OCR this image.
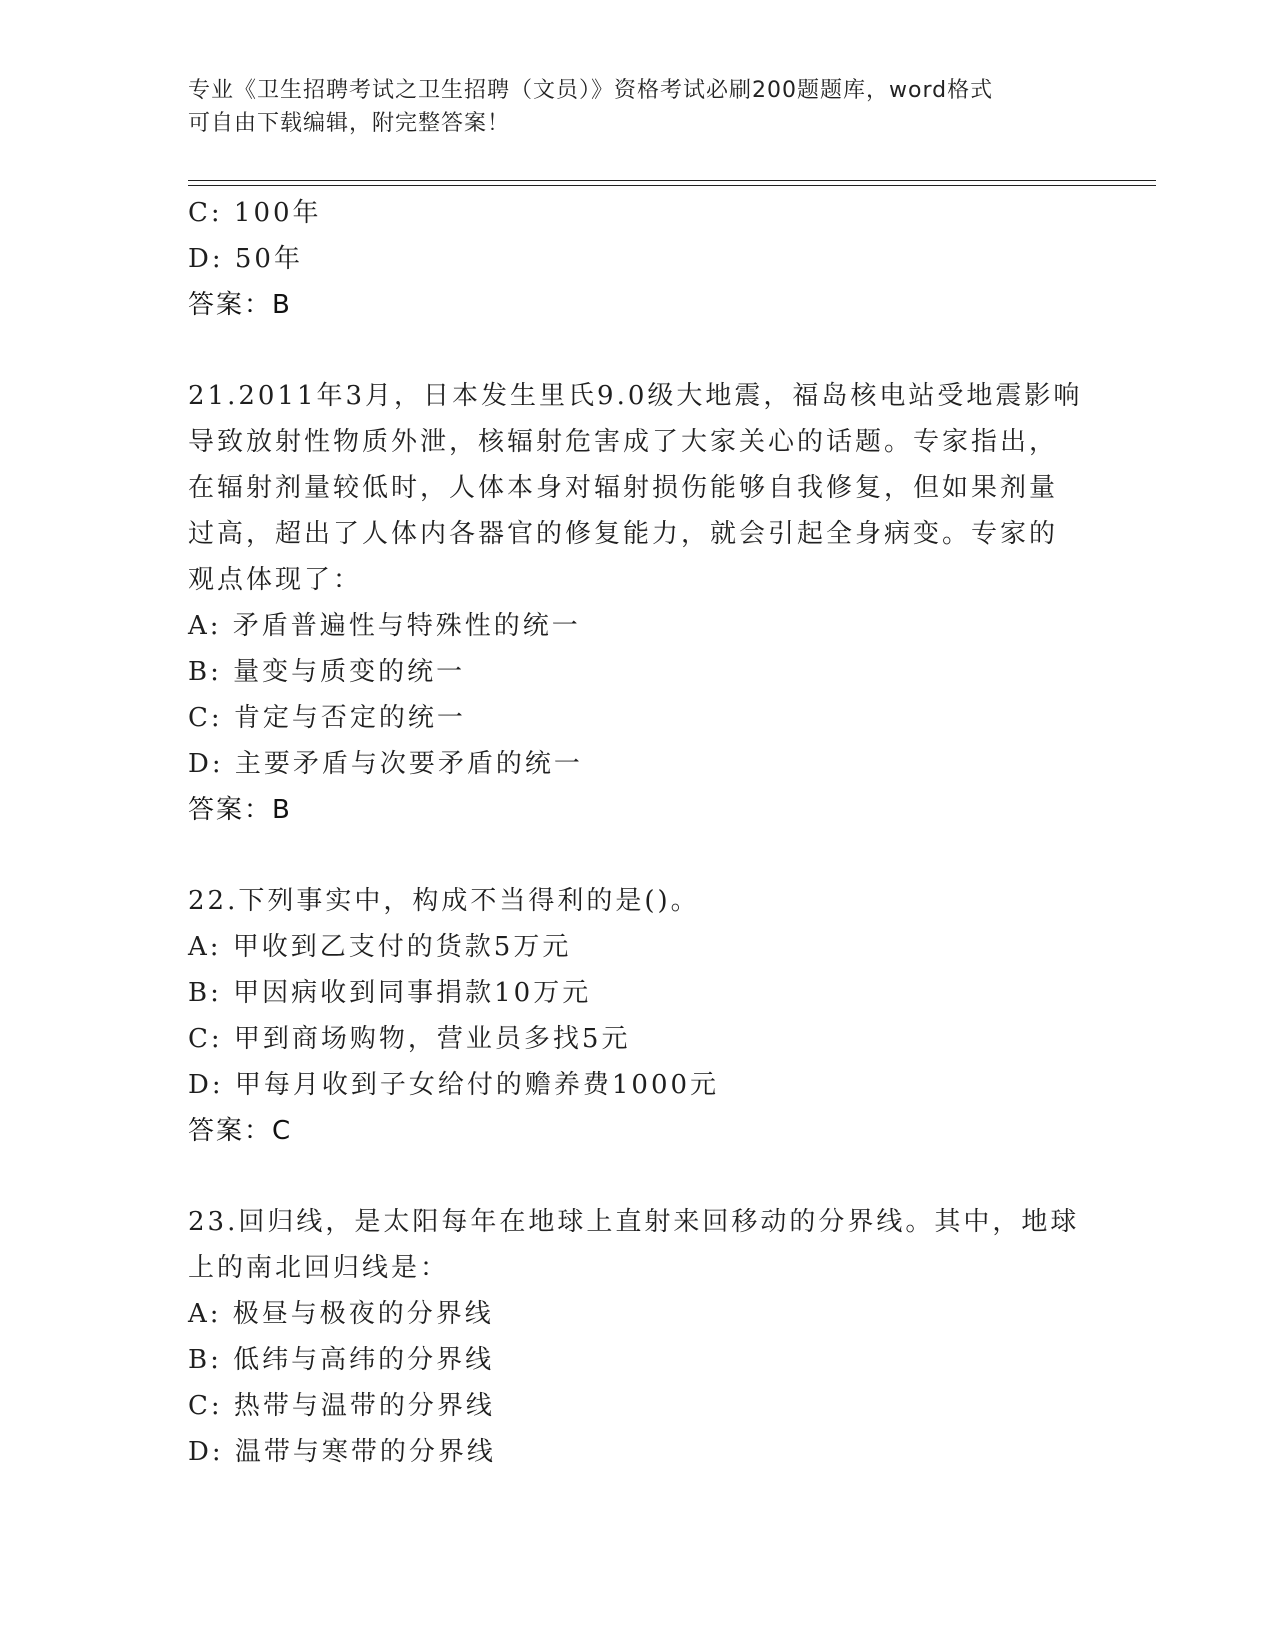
专业《卫生招聘考试之卫生招聘（文员）》资格考试必刷200题题库，word格式
可自由下载编辑，附完整答案！
C: 100年
D: 50年
答案：B
21.2011年3月，日本发生里氏9.0级大地震，福岛核电站受地震影响
导致放射性物质外泄，核辐射危害成了大家关心的话题。专家指出，
在辐射剂量较低时，人体本身对辐射损伤能够自我修复，但如果剂量
过高，超出了人体内各器官的修复能力，就会引起全身病变。专家的
观点体现了：
A: 矛盾普遍性与特殊性的统一
B: 量变与质变的统一
C: 肯定与否定的统一
D: 主要矛盾与次要矛盾的统一
答案：B
22.下列事实中，构成不当得利的是()。
A: 甲收到乙支付的货款5万元
B: 甲因病收到同事捐款10万元
C: 甲到商场购物，营业员多找5元
D: 甲每月收到子女给付的赡养费1000元
答案：C
23.回归线，是太阳每年在地球上直射来回移动的分界线。其中，地球
上的南北回归线是：
A: 极昼与极夜的分界线
B: 低纬与高纬的分界线
C: 热带与温带的分界线
D: 温带与寒带的分界线
